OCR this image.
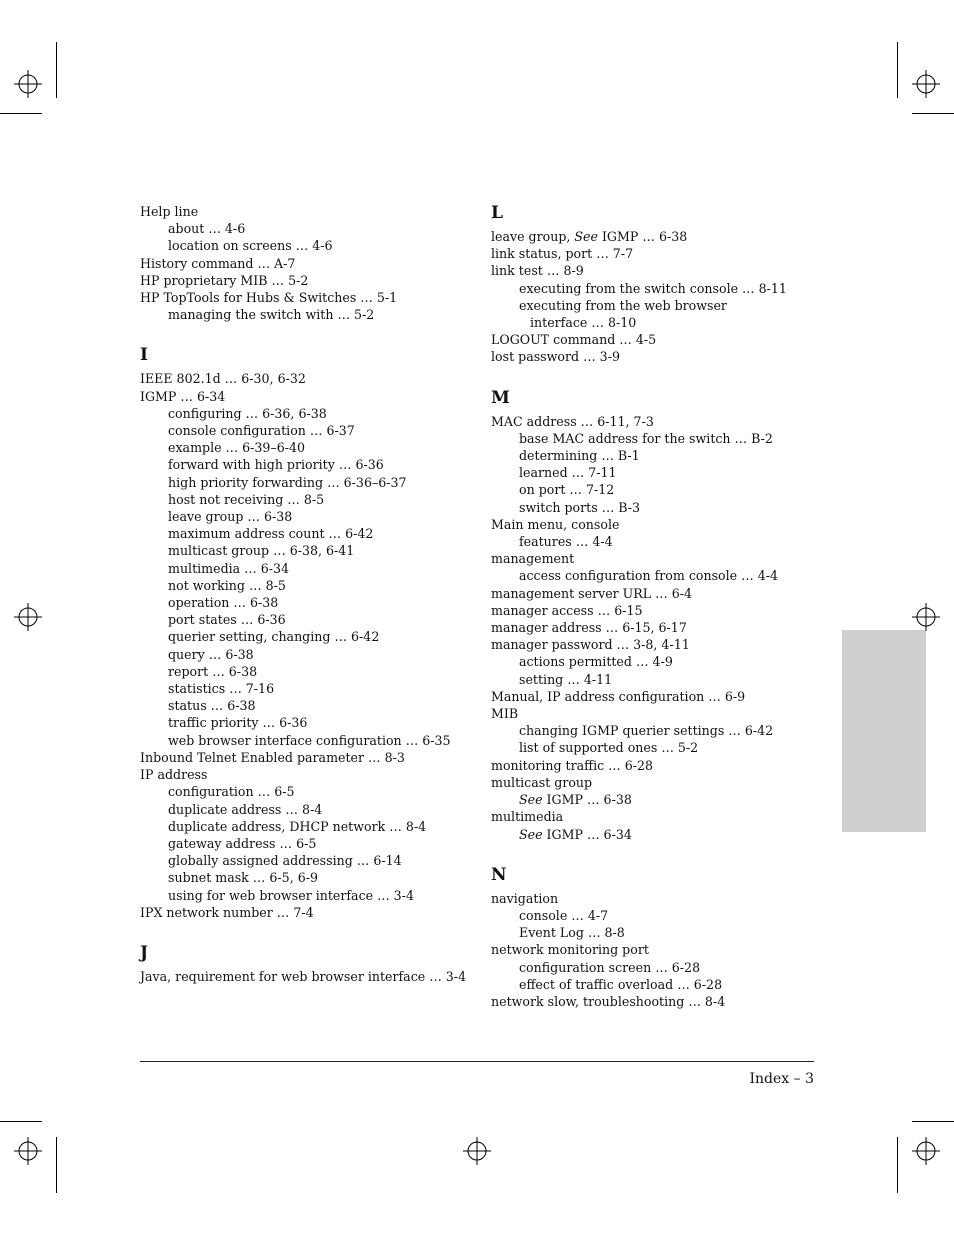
Help line
about … 4-6
location on screens … 4-6
History command … A-7
HP proprietary MIB … 5-2
HP TopTools for Hubs & Switches … 5-1
managing the switch with … 5-2
I
IEEE 802.1d … 6-30, 6-32
IGMP … 6-34
configuring … 6-36, 6-38
console configuration … 6-37
example … 6-39–6-40
forward with high priority … 6-36
high priority forwarding … 6-36–6-37
host not receiving … 8-5
leave group … 6-38
maximum address count … 6-42
multicast group … 6-38, 6-41
multimedia … 6-34
not working … 8-5
operation … 6-38
port states … 6-36
querier setting, changing … 6-42
query … 6-38
report … 6-38
statistics … 7-16
status … 6-38
traffic priority … 6-36
web browser interface configuration … 6-35
Inbound Telnet Enabled parameter … 8-3
IP address
configuration … 6-5
duplicate address … 8-4
duplicate address, DHCP network … 8-4
gateway address … 6-5
globally assigned addressing … 6-14
subnet mask … 6-5, 6-9
using for web browser interface … 3-4
IPX network number … 7-4
J
Java, requirement for web browser interface … 3-4
L
leave group, See IGMP … 6-38
link status, port … 7-7
link test … 8-9
executing from the switch console … 8-11
executing from the web browser
interface … 8-10
LOGOUT command … 4-5
lost password … 3-9
M
MAC address … 6-11, 7-3
base MAC address for the switch … B-2
determining … B-1
learned … 7-11
on port … 7-12
switch ports … B-3
Main menu, console
features … 4-4
management
access configuration from console … 4-4
management server URL … 6-4
manager access … 6-15
manager address … 6-15, 6-17
manager password … 3-8, 4-11
actions permitted … 4-9
setting … 4-11
Manual, IP address configuration … 6-9
MIB
changing IGMP querier settings … 6-42
list of supported ones … 5-2
monitoring traffic … 6-28
multicast group
See IGMP … 6-38
multimedia
See IGMP … 6-34
N
navigation
console … 4-7
Event Log … 8-8
network monitoring port
configuration screen … 6-28
effect of traffic overload … 6-28
network slow, troubleshooting … 8-4
Index – 3
